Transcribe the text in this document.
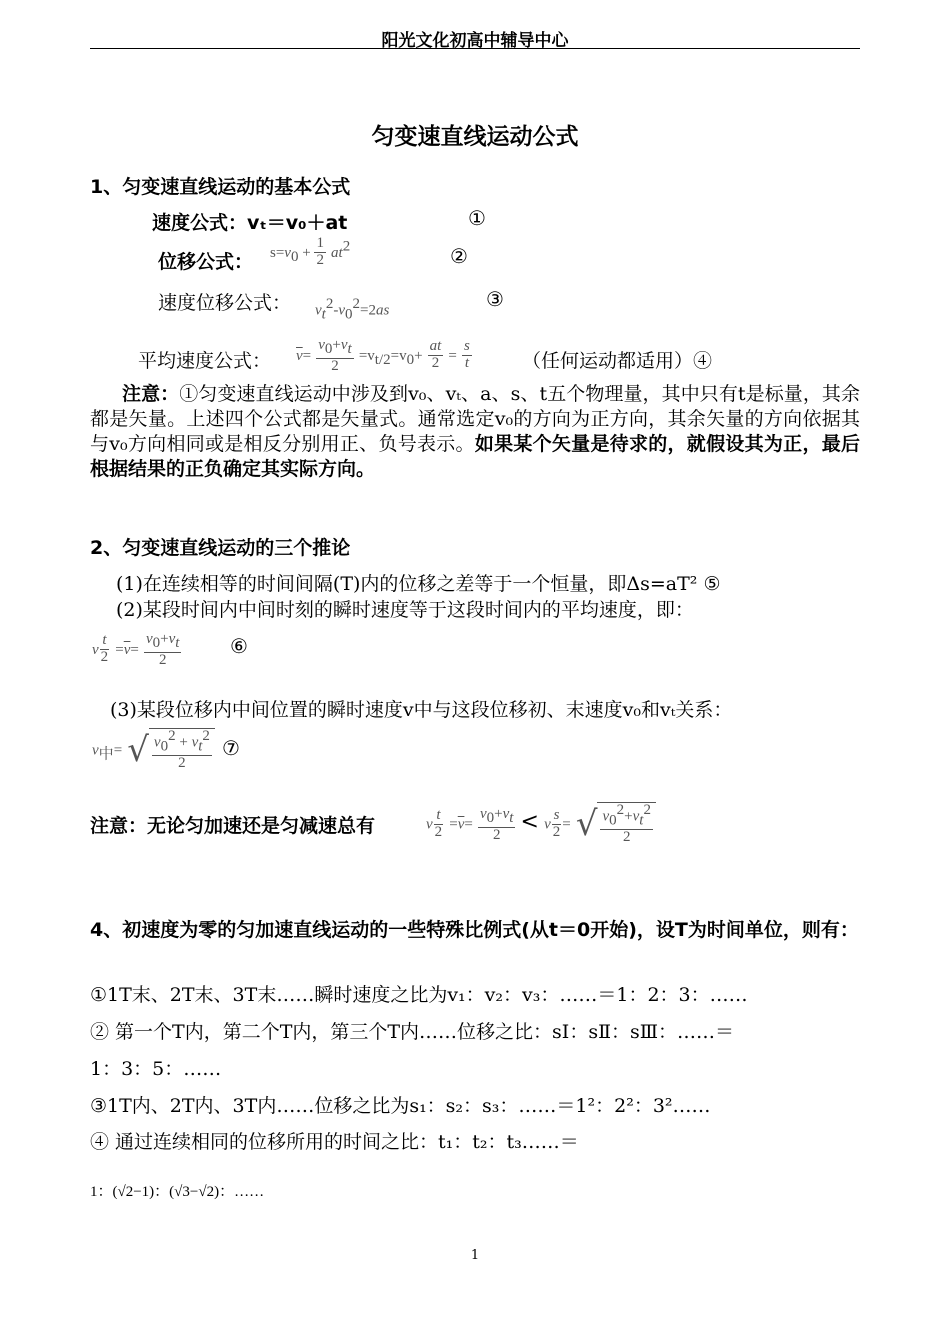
阳光文化初高中辅导中心
匀变速直线运动公式
1、匀变速直线运动的基本公式
速度公式：vₜ＝v₀＋at	①
位移公式： $s=v_0 + \frac{1}{2} at^2$	②
速度位移公式： $v_t^2-v_0^2=2as$	③
平均速度公式： $\overline{v}= \frac{v_0+v_t}{2} =v_{t/2}=v_0+ \frac{at}{2} = \frac{s}{t}$	（任何运动都适用）④
注意：①匀变速直线运动中涉及到v₀、vₜ、a、s、t五个物理量，其中只有t是标量，其余都是矢量。上述四个公式都是矢量式。通常选定v₀的方向为正方向，其余矢量的方向依据其与v₀方向相同或是相反分别用正、负号表示。如果某个矢量是待求的，就假设其为正，最后根据结果的正负确定其实际方向。
2、匀变速直线运动的三个推论
(1)在连续相等的时间间隔(T)内的位移之差等于一个恒量，即Δs=aT² ⑤
(2)某段时间内中间时刻的瞬时速度等于这段时间内的平均速度，即：
v $\frac{t}{2} =\overline{v}= \frac{v_0+v_t}{2}$ ⑥
(3)某段位移内中间位置的瞬时速度v中与这段位移初、末速度v₀和vₜ关系：
$v_中=$ √ $\frac{v_0^2 + v_t^2}{2}$ ⑦
注意：无论匀加速还是匀减速总有	v $\frac{t}{2} =\overline{v}= \frac{v_0+v_t}{2} < v \frac{s}{2}$ = √ $\frac{v_0^2+v_t^2}{2}$
4、初速度为零的匀加速直线运动的一些特殊比例式(从t＝0开始)，设T为时间单位，则有：
①1T末、2T末、3T末……瞬时速度之比为v₁：v₂：v₃：……＝1：2：3：……
② 第一个T内，第二个T内，第三个T内……位移之比：sⅠ：sⅡ：sⅢ：……＝
1：3：5：……
③1T内、2T内、3T内……位移之比为s₁：s₂：s₃：……＝1²：2²：3²……
④ 通过连续相同的位移所用的时间之比：t₁：t₂：t₃……＝
1：(√2−1)：(√3−√2)：……
1
